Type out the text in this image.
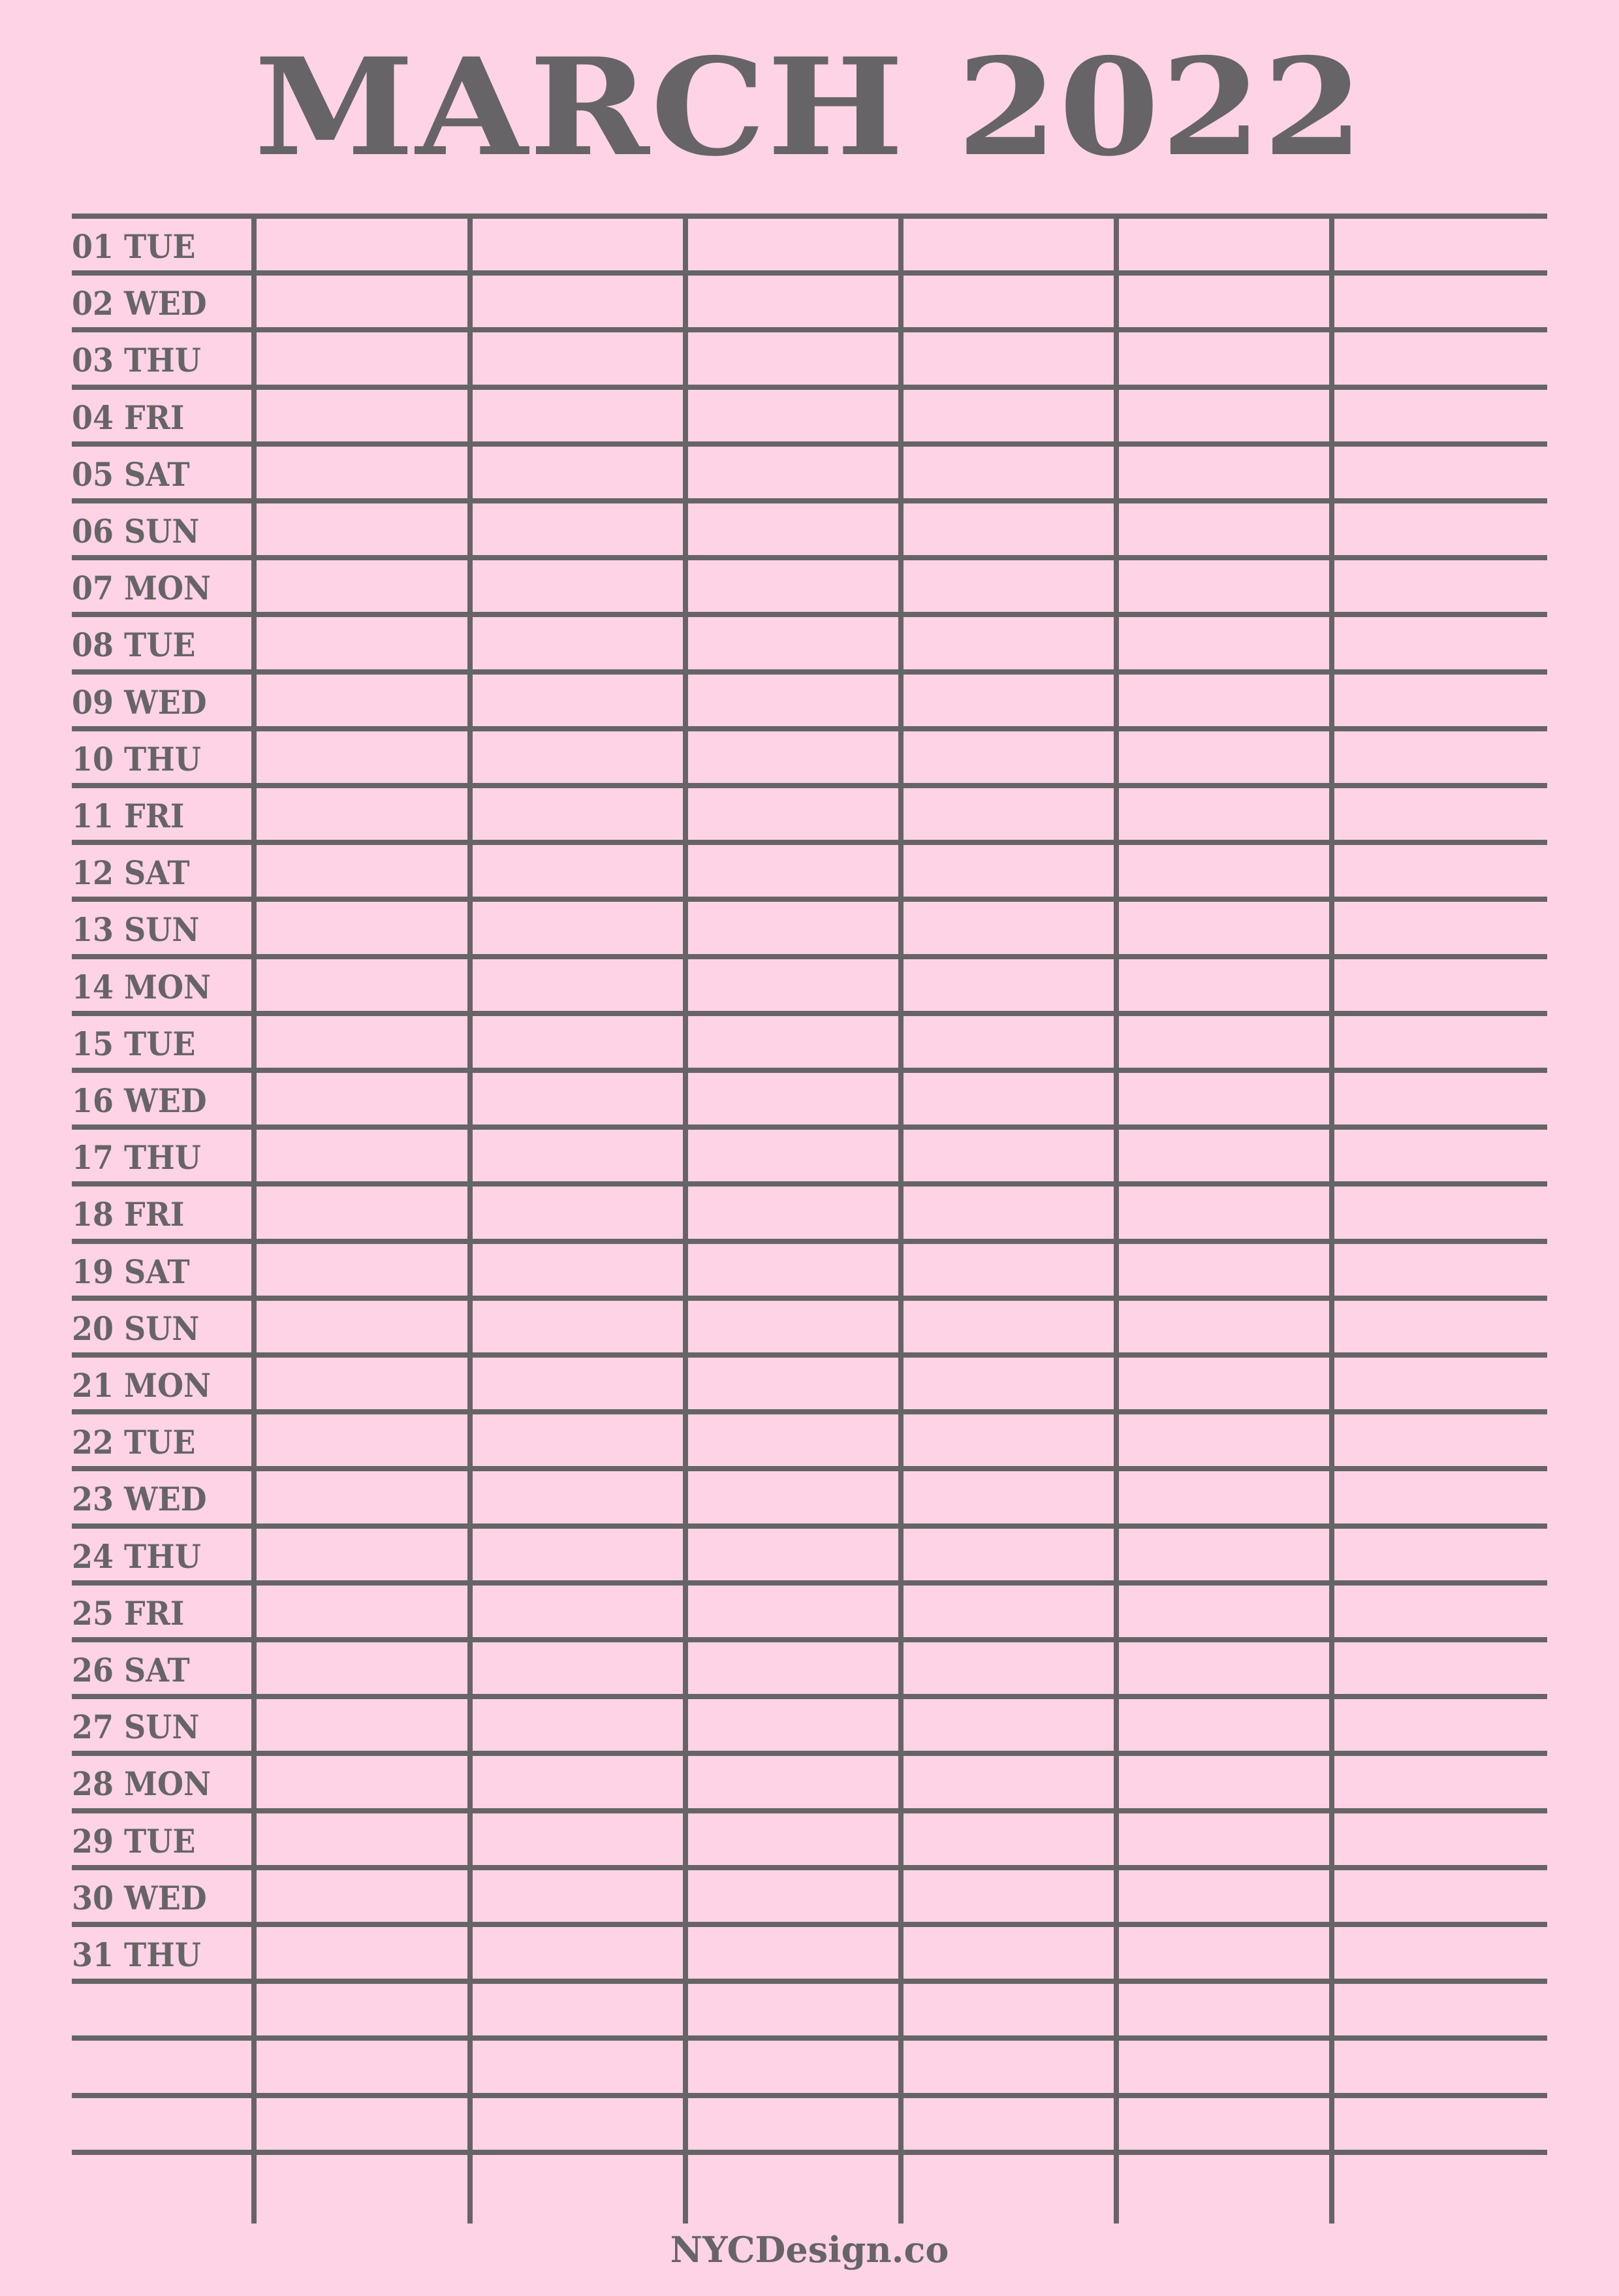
MARCH 2022
01 TUE
02 WED
03 THU
04 FRI
05 SAT
06 SUN
07 MON
08 TUE
09 WED
10 THU
11 FRI
12 SAT
13 SUN
14 MON
15 TUE
16 WED
17 THU
18 FRI
19 SAT
20 SUN
21 MON
22 TUE
23 WED
24 THU
25 FRI
26 SAT
27 SUN
28 MON
29 TUE
30 WED
31 THU
NYCDesign.co
